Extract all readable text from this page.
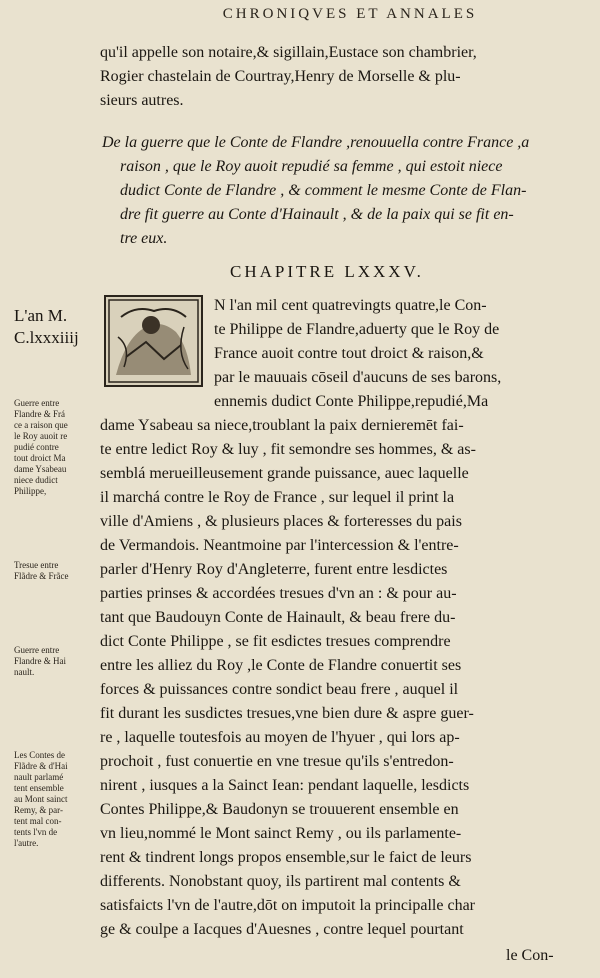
CHRONIQVES ET ANNALES
qu'il appelle son notaire,& sigillain,Eustace son chambrier,
Rogier chastelain de Courtray,Henry de Morselle & plu-
sieurs autres.
De la guerre que le Conte de Flandre ,renouuella contre France ,a
raison , que le Roy auoit repudié sa femme , qui estoit niece
dudict Conte de Flandre , & comment le mesme Conte de Flan-
dre fit guerre au Conte d'Hainault , & de la paix qui se fit en-
tre eux.
CHAPITRE LXXXV.
N l'an mil cent quatrevingts quatre,le Con-
te Philippe de Flandre,aduerty que le Roy de
France auoit contre tout droict & raison,&
par le mauuais cōseil d'aucuns de ses barons,
ennemis dudict Conte Philippe,repudié,Ma
dame Ysabeau sa niece,troublant la paix dernieremēt fai-
te entre ledict Roy & luy , fit semondre ses hommes, & as-
semblá merueilleusement grande puissance, auec laquelle
il marchá contre le Roy de France , sur lequel il print la
ville d'Amiens , & plusieurs places & forteresses du pais
de Vermandois. Neantmoine par l'intercession & l'entre-
parler d'Henry Roy d'Angleterre, furent entre lesdictes
parties prinses & accordées tresues d'vn an : & pour au-
tant que Baudouyn Conte de Hainault, & beau frere du-
dict Conte Philippe , se fit esdictes tresues comprendre
entre les alliez du Roy ,le Conte de Flandre conuertit ses
forces & puissances contre sondict beau frere , auquel il
fit durant les susdictes tresues,vne bien dure & aspre guer-
re , laquelle toutesfois au moyen de l'hyuer , qui lors ap-
prochoit , fust conuertie en vne tresue qu'ils s'entredon-
nirent , iusques a la Sainct Iean: pendant laquelle, lesdicts
Contes Philippe,& Baudonyn se trouuerent ensemble en
vn lieu,nommé le Mont sainct Remy , ou ils parlamente-
rent & tindrent longs propos ensemble,sur le faict de leurs
differents. Nonobstant quoy, ils partirent mal contents &
satisfaicts l'vn de l'autre,dōt on imputoit la principalle char
ge & coulpe a Iacques d'Auesnes , contre lequel pourtant
le Con-
L'an M.
C.lxxxiiij
Guerre entre
Flandre & Frá
ce a raison que
le Roy auoit re
pudié contre
tout droict Ma
dame Ysabeau
niece dudict
Philippe,
Tresue entre
Flãdre & Frãce
Guerre entre
Flandre & Hai
nault.
Les Contes de
Flãdre & d'Hai
nault parlamé
tent ensemble
au Mont sainct
Remy, & par-
tent mal con-
tents l'vn de
l'autre.
